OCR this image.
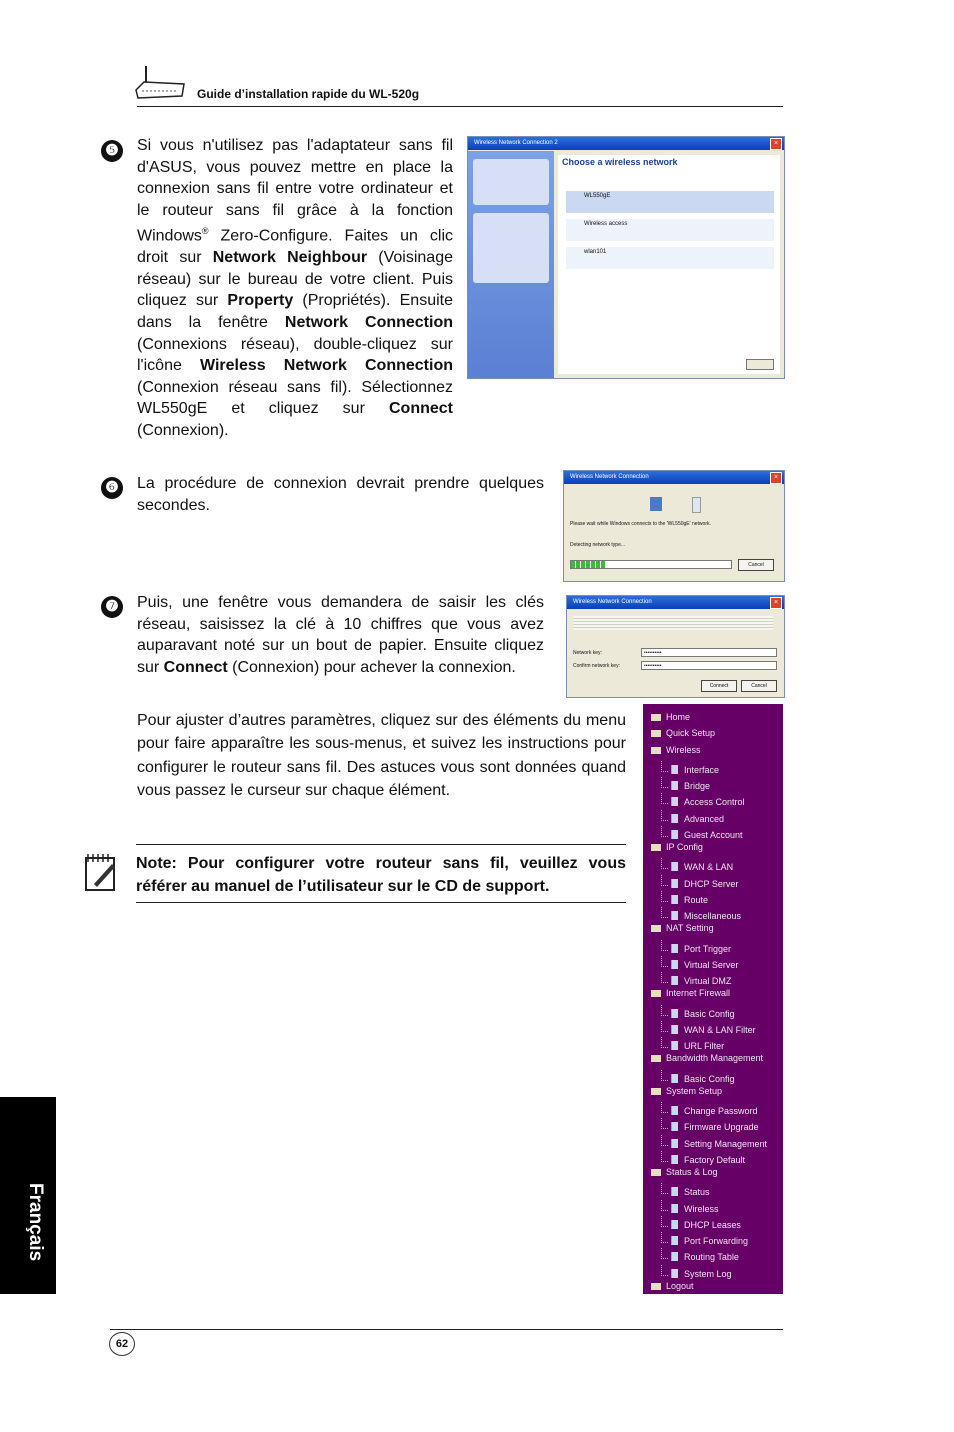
Guide d’installation rapide du WL-520g
❺ Si vous n'utilisez pas l'adaptateur sans fil d'ASUS, vous pouvez mettre en place la connexion sans fil entre votre ordinateur et le routeur sans fil grâce à la fonction Windows® Zero-Configure. Faites un clic droit sur Network Neighbour (Voisinage réseau) sur le bureau de votre client. Puis cliquez sur Property (Propriétés). Ensuite dans la fenêtre Network Connection (Connexions réseau), double-cliquez sur l'icône Wireless Network Connection (Connexion réseau sans fil). Sélectionnez WL550gE et cliquez sur Connect (Connexion).
Wireless Network Connection 2	×
Choose a wireless network
WL550gE
Wireless access
wlan101
❻ La procédure de connexion devrait prendre quelques secondes.
Wireless Network Connection	×
Please wait while Windows connects to the 'WL550gE' network.
Detecting network type...
Cancel
❼ Puis, une fenêtre vous demandera de saisir les clés réseau, saisissez la clé à 10 chiffres que vous avez auparavant noté sur un bout de papier. Ensuite cliquez sur Connect (Connexion) pour achever la connexion.
Wireless Network Connection	×
Network key:	••••••••••
Confirm network key:	••••••••••
Connect	Cancel
Pour ajuster d’autres paramètres, cliquez sur des éléments du menu pour faire apparaître les sous-menus, et suivez les instructions pour configurer le routeur sans fil. Des astuces vous sont données quand vous passez le curseur sur chaque élément.
Home
Quick Setup
Wireless
Interface
Bridge
Access Control
Advanced
Guest Account
IP Config
WAN & LAN
DHCP Server
Route
Miscellaneous
NAT Setting
Port Trigger
Virtual Server
Virtual DMZ
Internet Firewall
Basic Config
WAN & LAN Filter
URL Filter
Bandwidth Management
Basic Config
System Setup
Change Password
Firmware Upgrade
Setting Management
Factory Default
Status & Log
Status
Wireless
DHCP Leases
Port Forwarding
Routing Table
System Log
Logout
Note: Pour configurer votre routeur sans fil, veuillez vous référer au manuel de l’utilisateur sur le CD de support.
Français
62
